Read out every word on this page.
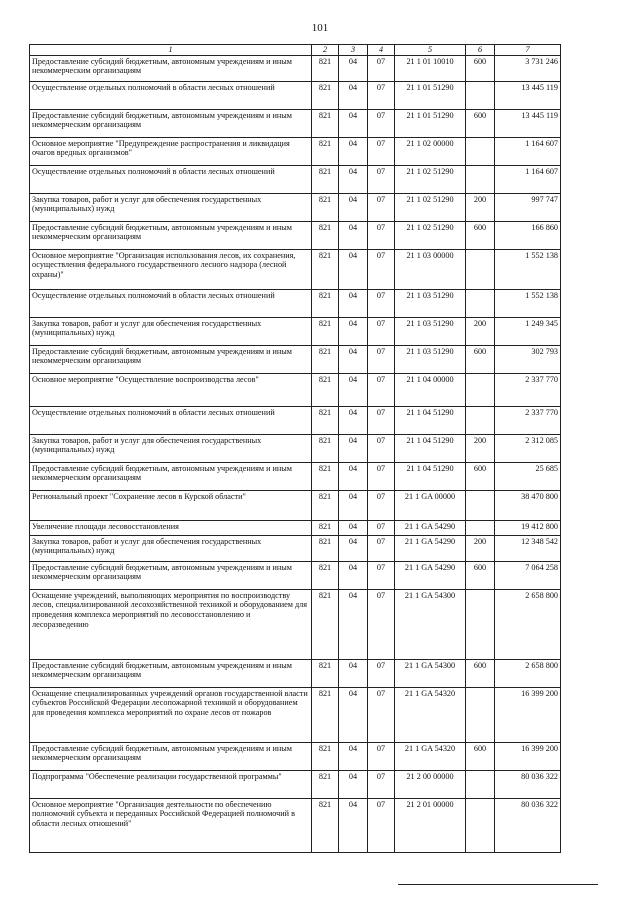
101
1	2	3	4	5	6	7
Предоставление субсидий бюджетным, автономным учреждениям и иным некоммерческим организациям	821	04	07	21 1 01 10010	600	3 731 246
Осуществление отдельных полномочий в области лесных отношений	821	04	07	21 1 01 51290		13 445 119
Предоставление субсидий бюджетным, автономным учреждениям и иным некоммерческим организациям	821	04	07	21 1 01 51290	600	13 445 119
Основное мероприятие "Предупреждение распространения и ликвидация очагов вредных организмов"	821	04	07	21 1 02 00000		1 164 607
Осуществление отдельных полномочий в области лесных отношений	821	04	07	21 1 02 51290		1 164 607
Закупка товаров, работ и услуг для обеспечения государственных (муниципальных) нужд	821	04	07	21 1 02 51290	200	997 747
Предоставление субсидий бюджетным, автономным учреждениям и иным некоммерческим организациям	821	04	07	21 1 02 51290	600	166 860
Основное мероприятие "Организация использования лесов, их сохранения, осуществления федерального государственного лесного надзора (лесной охраны)"	821	04	07	21 1 03 00000		1 552 138
Осуществление отдельных полномочий в области лесных отношений	821	04	07	21 1 03 51290		1 552 138
Закупка товаров, работ и услуг для обеспечения государственных (муниципальных) нужд	821	04	07	21 1 03 51290	200	1 249 345
Предоставление субсидий бюджетным, автономным учреждениям и иным некоммерческим организациям	821	04	07	21 1 03 51290	600	302 793
Основное мероприятие "Осуществление воспроизводства лесов"	821	04	07	21 1 04 00000		2 337 770
Осуществление отдельных полномочий в области лесных отношений	821	04	07	21 1 04 51290		2 337 770
Закупка товаров, работ и услуг для обеспечения государственных (муниципальных) нужд	821	04	07	21 1 04 51290	200	2 312 085
Предоставление субсидий бюджетным, автономным учреждениям и иным некоммерческим организациям	821	04	07	21 1 04 51290	600	25 685
Региональный проект "Сохранение лесов в Курской области"	821	04	07	21 1 GA 00000		38 470 800
Увеличение площади лесовосстановления	821	04	07	21 1 GA 54290		19 412 800
Закупка товаров, работ и услуг для обеспечения государственных (муниципальных) нужд	821	04	07	21 1 GA 54290	200	12 348 542
Предоставление субсидий бюджетным, автономным учреждениям и иным некоммерческим организациям	821	04	07	21 1 GA 54290	600	7 064 258
Оснащение учреждений, выполняющих мероприятия по воспроизводству лесов, специализированной лесохозяйственной техникой и оборудованием для проведения комплекса мероприятий по лесовосстановлению и лесоразведению	821	04	07	21 1 GA 54300		2 658 800
Предоставление субсидий бюджетным, автономным учреждениям и иным некоммерческим организациям	821	04	07	21 1 GA 54300	600	2 658 800
Оснащение специализированных учреждений органов государственной власти субъектов Российской Федерации лесопожарной техникой и оборудованием для проведения комплекса мероприятий по охране лесов от пожаров	821	04	07	21 1 GA 54320		16 399 200
Предоставление субсидий бюджетным, автономным учреждениям и иным некоммерческим организациям	821	04	07	21 1 GA 54320	600	16 399 200
Подпрограмма "Обеспечение реализации государственной программы"	821	04	07	21 2 00 00000		80 036 322
Основное мероприятие "Организация деятельности по обеспечению полномочий субъекта и переданных Российской Федерацией полномочий в области лесных отношений"	821	04	07	21 2 01 00000		80 036 322
